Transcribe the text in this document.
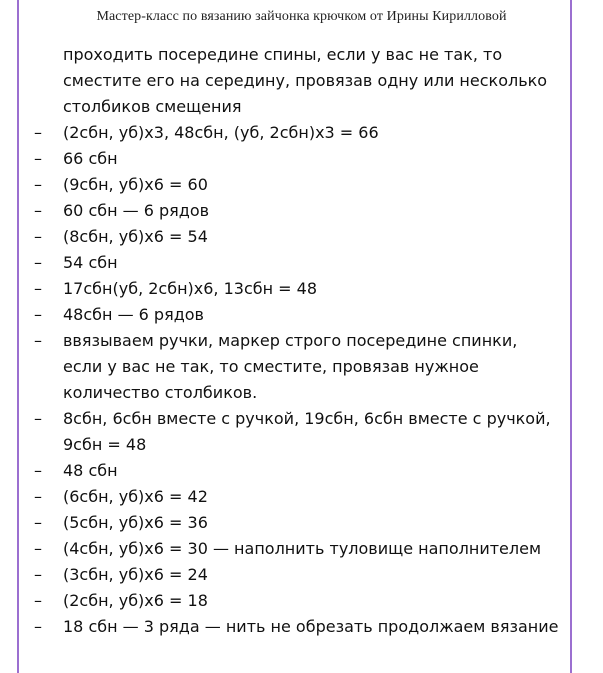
Мастер-класс по вязанию зайчонка крючком от Ирины Кирилловой
проходить посередине спины, если у вас не так, то
сместите его на середину, провязав одну или несколько
столбиков смещения
–	(2сбн, уб)х3, 48сбн, (уб, 2сбн)х3 = 66
–	66 сбн
–	(9сбн, уб)х6 = 60
–	60 сбн — 6 рядов
–	(8сбн, уб)х6 = 54
–	54 сбн
–	17сбн(уб, 2сбн)х6, 13сбн = 48
–	48сбн — 6 рядов
–	ввязываем ручки, маркер строго посередине спинки,
если у вас не так, то сместите, провязав нужное
количество столбиков.
–	8сбн, 6сбн вместе с ручкой, 19сбн, 6сбн вместе с ручкой,
9сбн = 48
–	48 сбн
–	(6сбн, уб)х6 = 42
–	(5сбн, уб)х6 = 36
–	(4сбн, уб)х6 = 30 — наполнить туловище наполнителем
–	(3сбн, уб)х6 = 24
–	(2сбн, уб)х6 = 18
–	18 сбн — 3 ряда — нить не обрезать продолжаем вязание
